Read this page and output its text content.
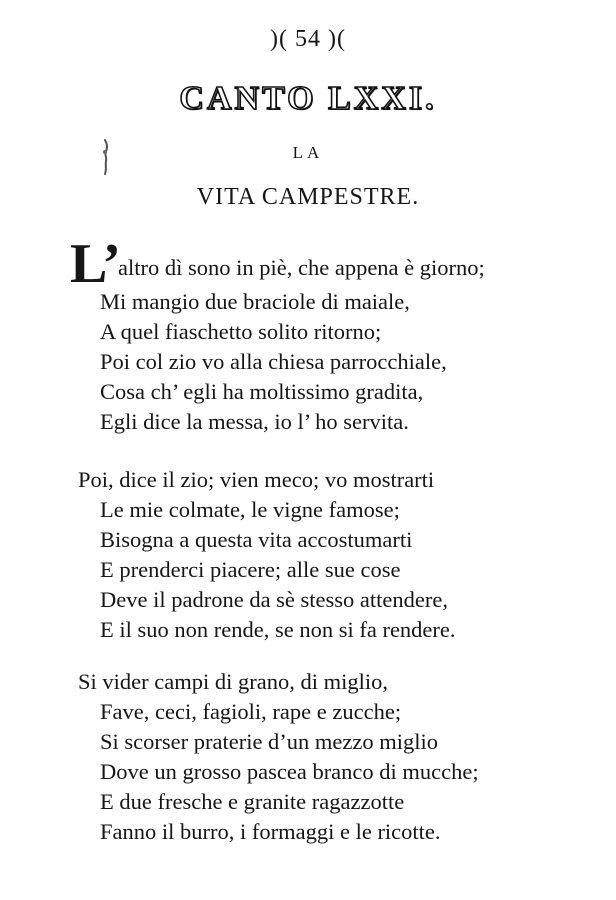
)( 54 )(
CANTO LXXI.
LA
VITA CAMPESTRE.
L’
altro dì sono in piè, che appena è giorno;
Mi mangio due braciole di maiale,
A quel fiaschetto solito ritorno;
Poi col zio vo alla chiesa parrocchiale,
Cosa ch’ egli ha moltissimo gradita,
Egli dice la messa, io l’ ho servita.
Poi, dice il zio; vien meco; vo mostrarti
Le mie colmate, le vigne famose;
Bisogna a questa vita accostumarti
E prenderci piacere; alle sue cose
Deve il padrone da sè stesso attendere,
E il suo non rende, se non si fa rendere.
Si vider campi di grano, di miglio,
Fave, ceci, fagioli, rape e zucche;
Si scorser praterie d’un mezzo miglio
Dove un grosso pascea branco di mucche;
E due fresche e granite ragazzotte
Fanno il burro, i formaggi e le ricotte.
